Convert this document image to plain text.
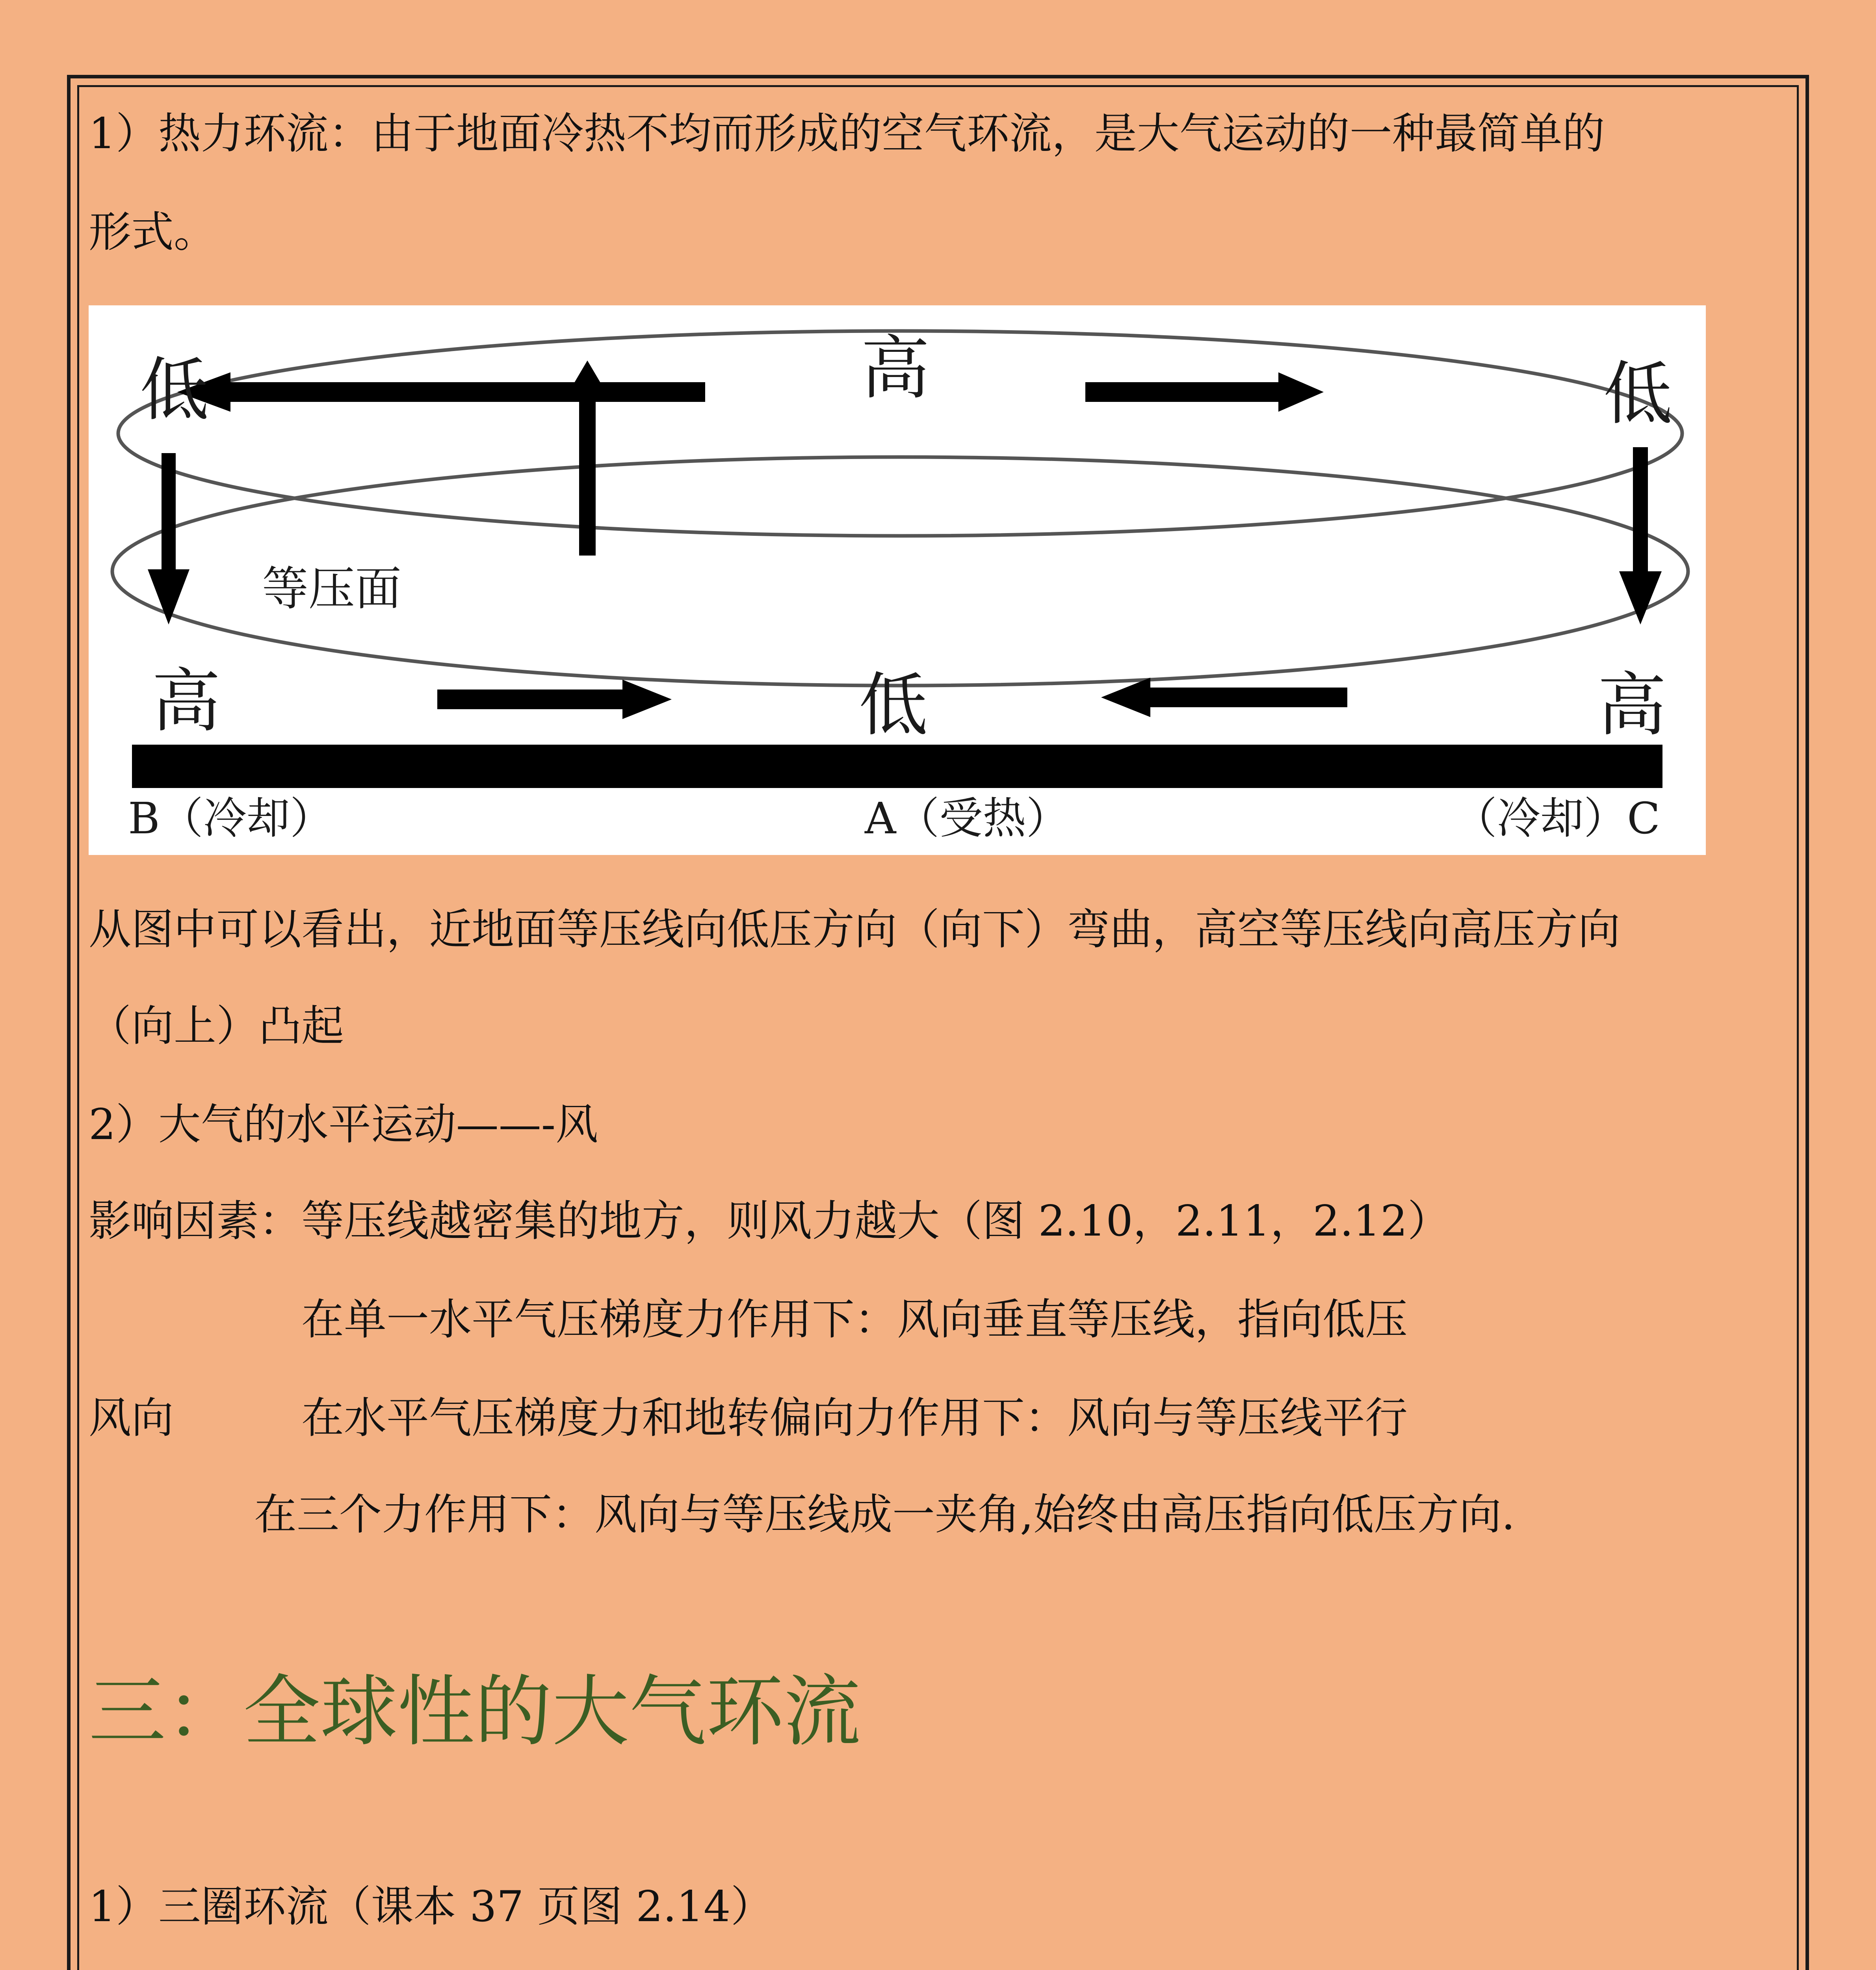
1）热力环流：由于地面冷热不均而形成的空气环流，是大气运动的一种最简单的
形式。
低	高	低
高	低	高
等压面
B（冷却）	A（受热）	（冷却）C
从图中可以看出，近地面等压线向低压方向（向下）弯曲，高空等压线向高压方向
（向上）凸起
2）大气的水平运动——-风
影响因素：等压线越密集的地方，则风力越大（图 2.10，2.11，2.12）
在单一水平气压梯度力作用下：风向垂直等压线，指向低压
风向	在水平气压梯度力和地转偏向力作用下：风向与等压线平行
在三个力作用下：风向与等压线成一夹角,始终由高压指向低压方向.
三：全球性的大气环流
1）三圈环流（课本 37 页图 2.14）
